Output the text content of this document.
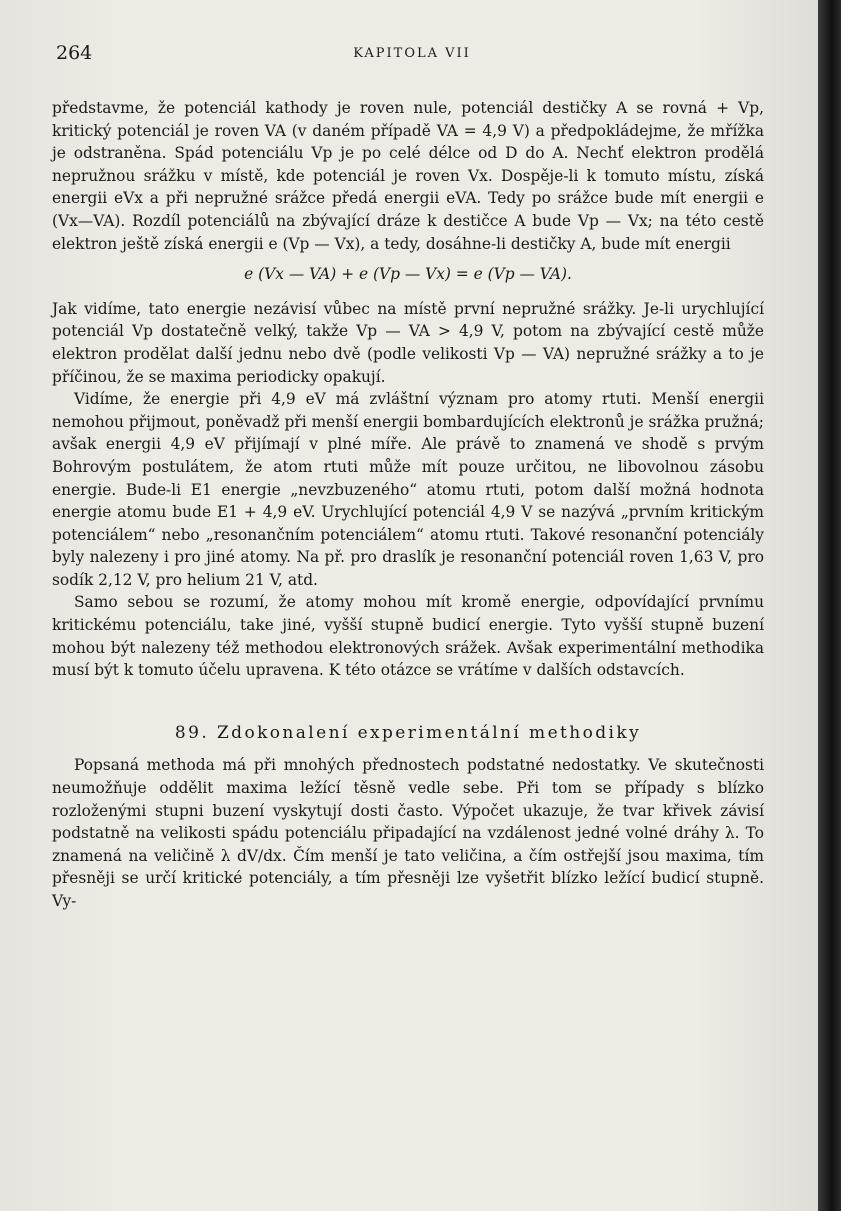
264	KAPITOLA VII

představme, že potenciál kathody je roven nule, potenciál destičky A se rovná + Vp, kritický potenciál je roven VA (v daném případě VA = 4,9 V) a předpokládejme, že mřížka je odstraněna. Spád potenciálu Vp je po celé délce od D do A. Nechť elektron prodělá nepružnou srážku v místě, kde potenciál je roven Vx. Dospěje-li k tomuto místu, získá energii eVx a při nepružné srážce předá energii eVA. Tedy po srážce bude mít energii e (Vx—VA). Rozdíl potenciálů na zbývající dráze k destičce A bude Vp — Vx; na této cestě elektron ještě získá energii e (Vp — Vx), a tedy, dosáhne-li destičky A, bude mít energii

e (Vx — VA) + e (Vp — Vx) = e (Vp — VA).

Jak vidíme, tato energie nezávisí vůbec na místě první nepružné srážky. Je-li urychlující potenciál Vp dostatečně velký, takže Vp — VA > 4,9 V, potom na zbývající cestě může elektron prodělat další jednu nebo dvě (podle velikosti Vp — VA) nepružné srážky a to je příčinou, že se maxima periodicky opakují.

Vidíme, že energie při 4,9 eV má zvláštní význam pro atomy rtuti. Menší energii nemohou přijmout, poněvadž při menší energii bombardujících elektronů je srážka pružná; avšak energii 4,9 eV přijímají v plné míře. Ale právě to znamená ve shodě s prvým Bohrovým postulátem, že atom rtuti může mít pouze určitou, ne libovolnou zásobu energie. Bude-li E1 energie „nevzbuzeného“ atomu rtuti, potom další možná hodnota energie atomu bude E1 + 4,9 eV. Urychlující potenciál 4,9 V se nazývá „prvním kritickým potenciálem“ nebo „resonančním potenciálem“ atomu rtuti. Takové resonanční potenciály byly nalezeny i pro jiné atomy. Na př. pro draslík je resonanční potenciál roven 1,63 V, pro sodík 2,12 V, pro helium 21 V, atd.

Samo sebou se rozumí, že atomy mohou mít kromě energie, odpovídající prvnímu kritickému potenciálu, take jiné, vyšší stupně budicí energie. Tyto vyšší stupně buzení mohou být nalezeny též methodou elektronových srážek. Avšak experimentální methodika musí být k tomuto účelu upravena. K této otázce se vrátíme v dalších odstavcích.

89. Zdokonalení experimentální methodiky

Popsaná methoda má při mnohých přednostech podstatné nedostatky. Ve skutečnosti neumožňuje oddělit maxima ležící těsně vedle sebe. Při tom se případy s blízko rozloženými stupni buzení vyskytují dosti často. Výpočet ukazuje, že tvar křivek závisí podstatně na velikosti spádu potenciálu připadající na vzdálenost jedné volné dráhy λ. To znamená na veličině λ dV/dx. Čím menší je tato veličina, a čím ostřejší jsou maxima, tím přesněji se určí kritické potenciály, a tím přesněji lze vyšetřit blízko ležící budicí stupně. Vy-
